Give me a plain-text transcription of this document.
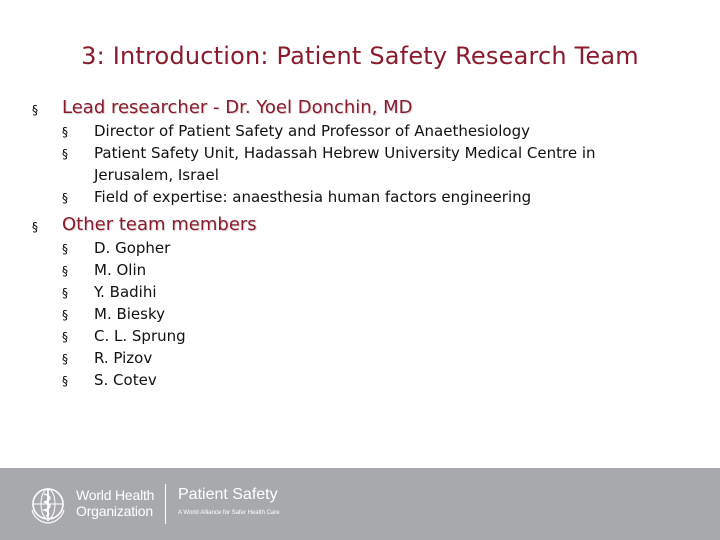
3: Introduction: Patient Safety Research Team
§ Lead researcher - Dr. Yoel Donchin, MD
§ Director of Patient Safety and Professor of Anaethesiology
§ Patient Safety Unit, Hadassah Hebrew University Medical Centre in
Jerusalem, Israel
§ Field of expertise: anaesthesia human factors engineering
§ Other team members
§ D. Gopher
§ M. Olin
§ Y. Badihi
§ M. Biesky
§ C. L. Sprung
§ R. Pizov
§ S. Cotev
World Health
Organization
Patient Safety
A World Alliance for Safer Health Care
